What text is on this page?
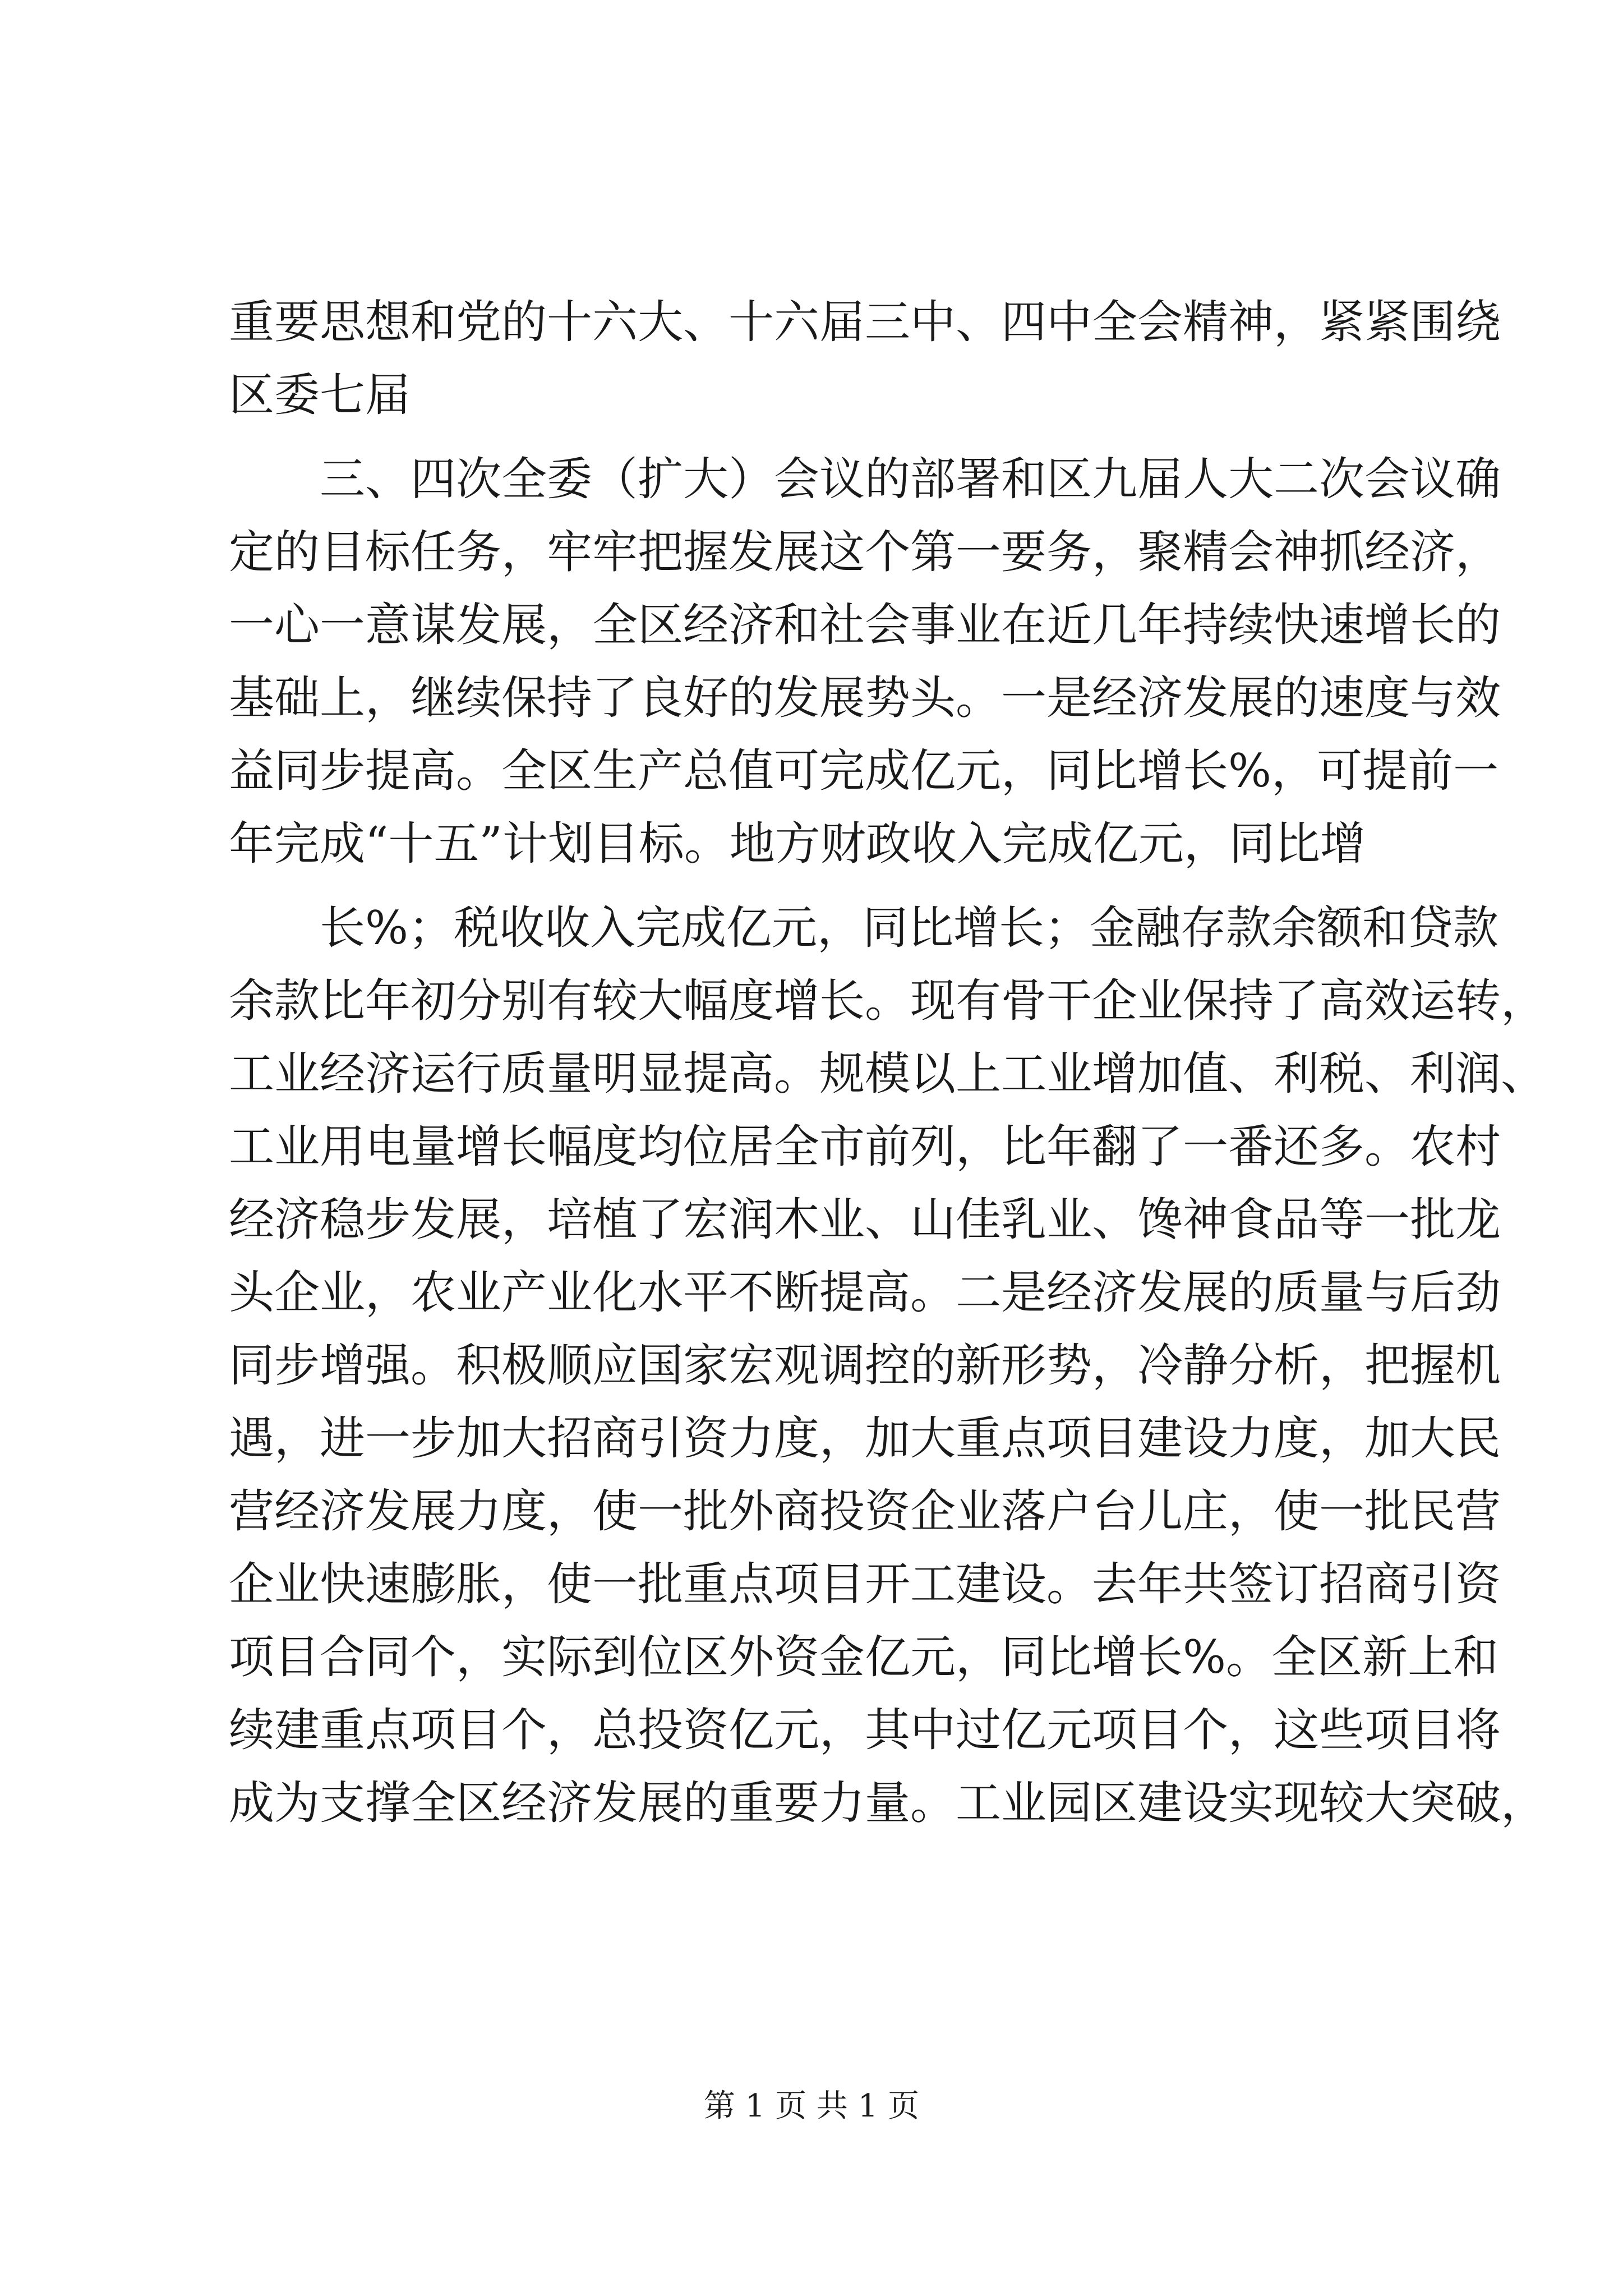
重要思想和党的十六大、十六届三中、四中全会精神，紧紧围绕
区委七届
三、四次全委（扩大）会议的部署和区九届人大二次会议确
定的目标任务，牢牢把握发展这个第一要务，聚精会神抓经济，
一心一意谋发展，全区经济和社会事业在近几年持续快速增长的
基础上，继续保持了良好的发展势头。一是经济发展的速度与效
益同步提高。全区生产总值可完成亿元，同比增长%，可提前一
年完成“十五”计划目标。地方财政收入完成亿元，同比增
长%；税收收入完成亿元，同比增长；金融存款余额和贷款
余款比年初分别有较大幅度增长。现有骨干企业保持了高效运转，
工业经济运行质量明显提高。规模以上工业增加值、利税、利润、
工业用电量增长幅度均位居全市前列，比年翻了一番还多。农村
经济稳步发展，培植了宏润木业、山佳乳业、馋神食品等一批龙
头企业，农业产业化水平不断提高。二是经济发展的质量与后劲
同步增强。积极顺应国家宏观调控的新形势，冷静分析，把握机
遇，进一步加大招商引资力度，加大重点项目建设力度，加大民
营经济发展力度，使一批外商投资企业落户台儿庄，使一批民营
企业快速膨胀，使一批重点项目开工建设。去年共签订招商引资
项目合同个，实际到位区外资金亿元，同比增长%。全区新上和
续建重点项目个，总投资亿元，其中过亿元项目个，这些项目将
成为支撑全区经济发展的重要力量。工业园区建设实现较大突破，
第 1 页 共 1 页
